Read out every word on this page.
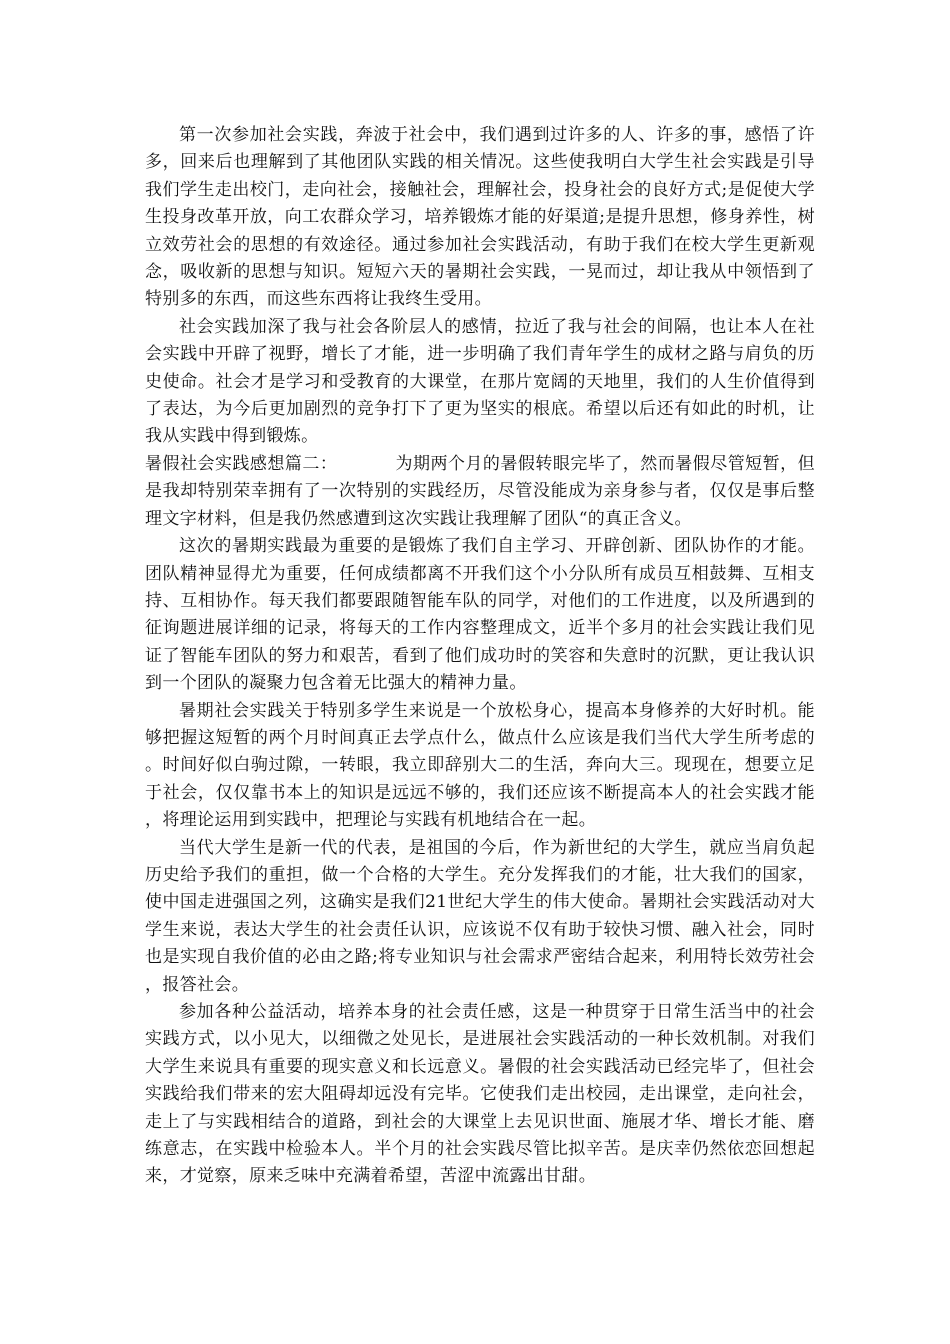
第一次参加社会实践，奔波于社会中，我们遇到过许多的人、许多的事，感悟了许多，回来后也理解到了其他团队实践的相关情况。这些使我明白大学生社会实践是引导我们学生走出校门，走向社会，接触社会，理解社会，投身社会的良好方式;是促使大学生投身改革开放，向工农群众学习，培养锻炼才能的好渠道;是提升思想，修身养性，树立效劳社会的思想的有效途径。通过参加社会实践活动，有助于我们在校大学生更新观念，吸收新的思想与知识。短短六天的暑期社会实践，一晃而过，却让我从中领悟到了特别多的东西，而这些东西将让我终生受用。

社会实践加深了我与社会各阶层人的感情，拉近了我与社会的间隔，也让本人在社会实践中开辟了视野，增长了才能，进一步明确了我们青年学生的成材之路与肩负的历史使命。社会才是学习和受教育的大课堂，在那片宽阔的天地里，我们的人生价值得到了表达，为今后更加剧烈的竞争打下了更为坚实的根底。希望以后还有如此的时机，让我从实践中得到锻炼。

暑假社会实践感想篇二：	为期两个月的暑假转眼完毕了，然而暑假尽管短暂，但是我却特别荣幸拥有了一次特别的实践经历，尽管没能成为亲身参与者，仅仅是事后整理文字材料，但是我仍然感遭到这次实践让我理解了团队“的真正含义。

这次的暑期实践最为重要的是锻炼了我们自主学习、开辟创新、团队协作的才能。团队精神显得尤为重要，任何成绩都离不开我们这个小分队所有成员互相鼓舞、互相支持、互相协作。每天我们都要跟随智能车队的同学，对他们的工作进度，以及所遇到的征询题进展详细的记录，将每天的工作内容整理成文，近半个多月的社会实践让我们见证了智能车团队的努力和艰苦，看到了他们成功时的笑容和失意时的沉默，更让我认识到一个团队的凝聚力包含着无比强大的精神力量。

暑期社会实践关于特别多学生来说是一个放松身心，提高本身修养的大好时机。能够把握这短暂的两个月时间真正去学点什么，做点什么应该是我们当代大学生所考虑的。时间好似白驹过隙，一转眼，我立即辞别大二的生活，奔向大三。现现在，想要立足于社会，仅仅靠书本上的知识是远远不够的，我们还应该不断提高本人的社会实践才能，将理论运用到实践中，把理论与实践有机地结合在一起。

当代大学生是新一代的代表，是祖国的今后，作为新世纪的大学生，就应当肩负起历史给予我们的重担，做一个合格的大学生。充分发挥我们的才能，壮大我们的国家，使中国走进强国之列，这确实是我们21世纪大学生的伟大使命。暑期社会实践活动对大学生来说，表达大学生的社会责任认识，应该说不仅有助于较快习惯、融入社会，同时也是实现自我价值的必由之路;将专业知识与社会需求严密结合起来，利用特长效劳社会，报答社会。

参加各种公益活动，培养本身的社会责任感，这是一种贯穿于日常生活当中的社会实践方式，以小见大，以细微之处见长，是进展社会实践活动的一种长效机制。对我们大学生来说具有重要的现实意义和长远意义。暑假的社会实践活动已经完毕了，但社会实践给我们带来的宏大阻碍却远没有完毕。它使我们走出校园，走出课堂，走向社会，走上了与实践相结合的道路，到社会的大课堂上去见识世面、施展才华、增长才能、磨练意志，在实践中检验本人。半个月的社会实践尽管比拟辛苦。是庆幸仍然依恋回想起来，才觉察，原来乏味中充满着希望，苦涩中流露出甘甜。
